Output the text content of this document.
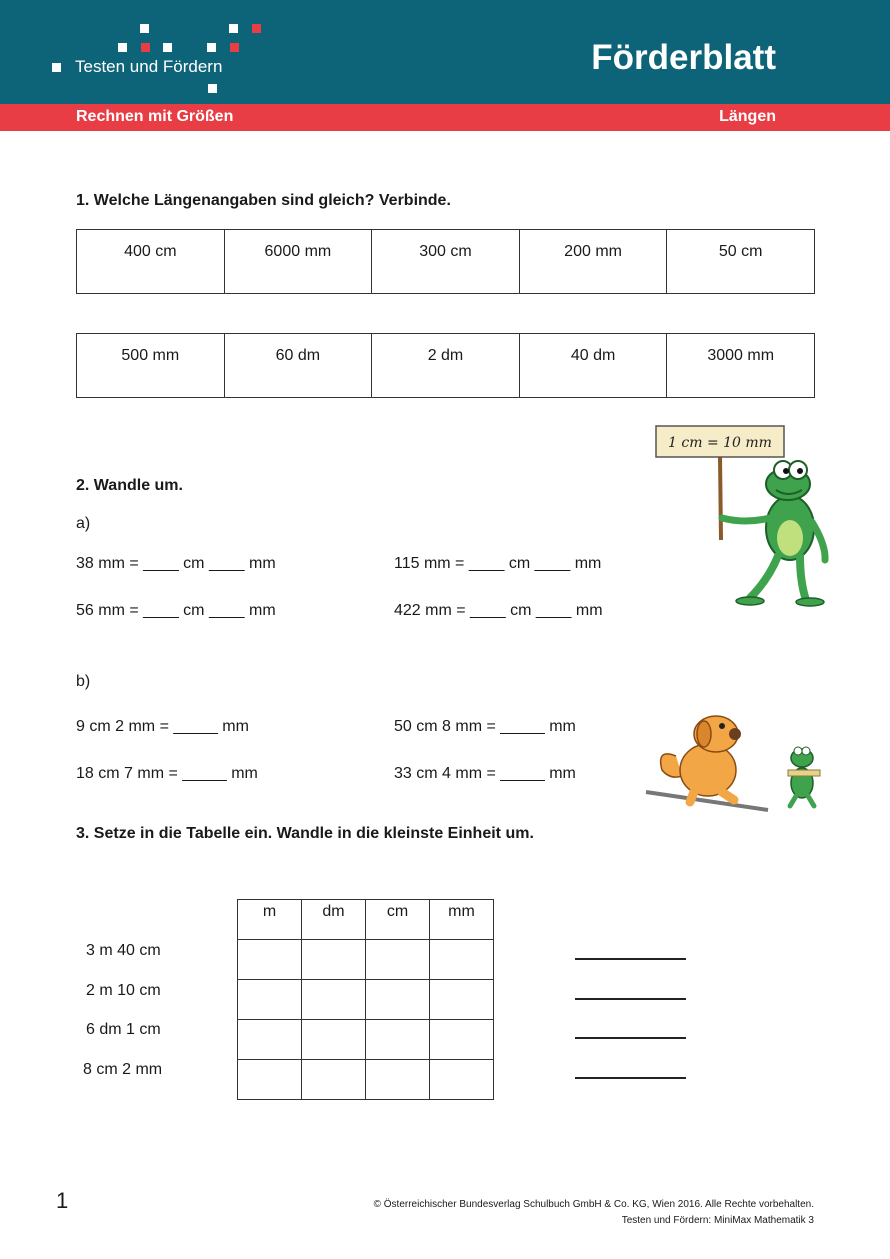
Testen und Fördern	Förderblatt
Rechnen mit Größen	Längen
1. Welche Längenangaben sind gleich? Verbinde.
400 cm	6000 mm	300 cm	200 mm	50 cm
500 mm	60 dm	2 dm	40 dm	3000 mm
1 cm = 10 mm
2. Wandle um.
a)
38 mm = ____ cm ____ mm	115 mm = ____ cm ____ mm
56 mm = ____ cm ____ mm	422 mm = ____ cm ____ mm
b)
9 cm 2 mm = _____ mm	50 cm 8 mm = _____ mm
18 cm 7 mm = _____ mm	33 cm 4 mm = _____ mm
3. Setze in die Tabelle ein. Wandle in die kleinste Einheit um.
m	dm	cm	mm

3 m 40 cm
2 m 10 cm
6 dm 1 cm
8 cm 2 mm
1	© Österreichischer Bundesverlag Schulbuch GmbH & Co. KG, Wien 2016. Alle Rechte vorbehalten.
Testen und Fördern: MiniMax Mathematik 3
